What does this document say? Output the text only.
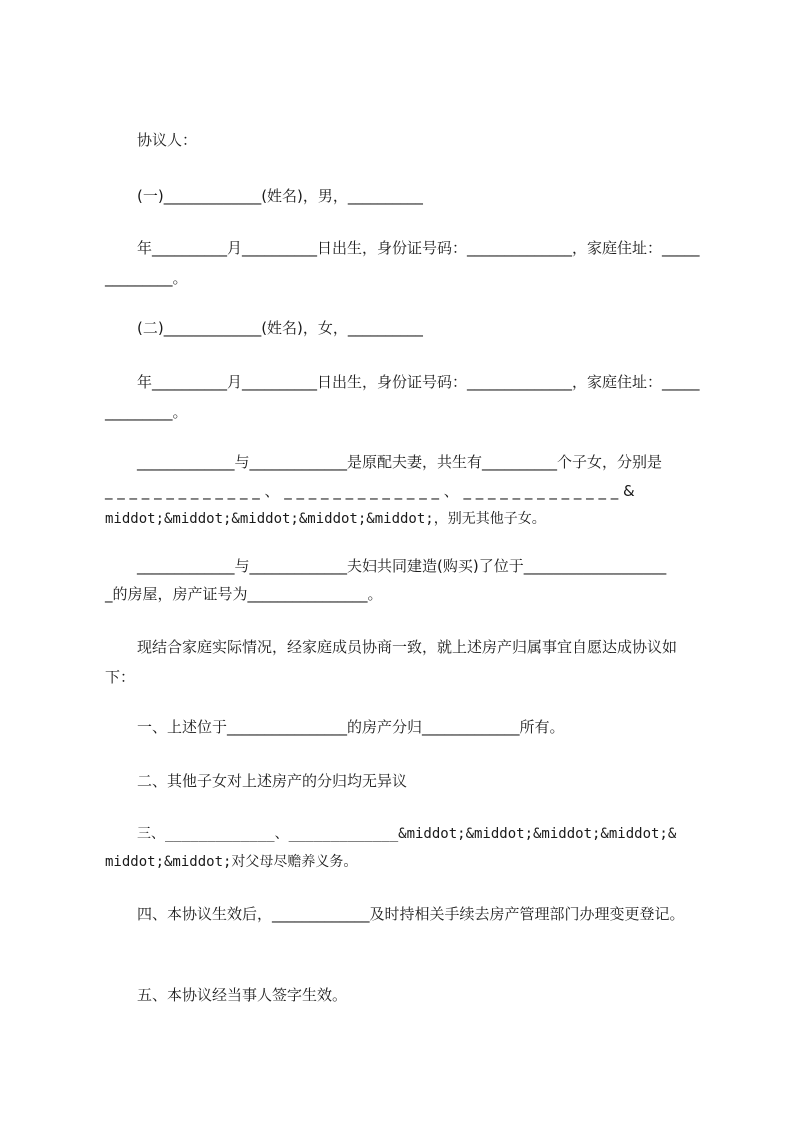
协议人：

(一)_____________(姓名)，男，__________

年__________月__________日出生，身份证号码：______________，家庭住址：______________。

(二)_____________(姓名)，女，__________

年__________月__________日出生，身份证号码：______________，家庭住址：______________。

_____________与_____________是原配夫妻，共生有__________个子女，分别是

_ _ _ _ _ _ _ _ _ _ _ _ _ 、 _ _ _ _ _ _ _ _ _ _ _ _ _ 、 _ _ _ _ _ _ _ _ _ _ _ _ _ &

middot;&middot;&middot;&middot;&middot;，别无其他子女。

_____________与_____________夫妇共同建造(购买)了位于___________________

_的房屋，房产证号为________________。

现结合家庭实际情况，经家庭成员协商一致，就上述房产归属事宜自愿达成协议如下：

一、上述位于________________的房产分归_____________所有。

二、其他子女对上述房产的分归均无异议

三、_____________、_____________&middot;&middot;&middot;&middot;&

middot;&middot;对父母尽赡养义务。

四、本协议生效后，_____________及时持相关手续去房产管理部门办理变更登记。

五、本协议经当事人签字生效。
